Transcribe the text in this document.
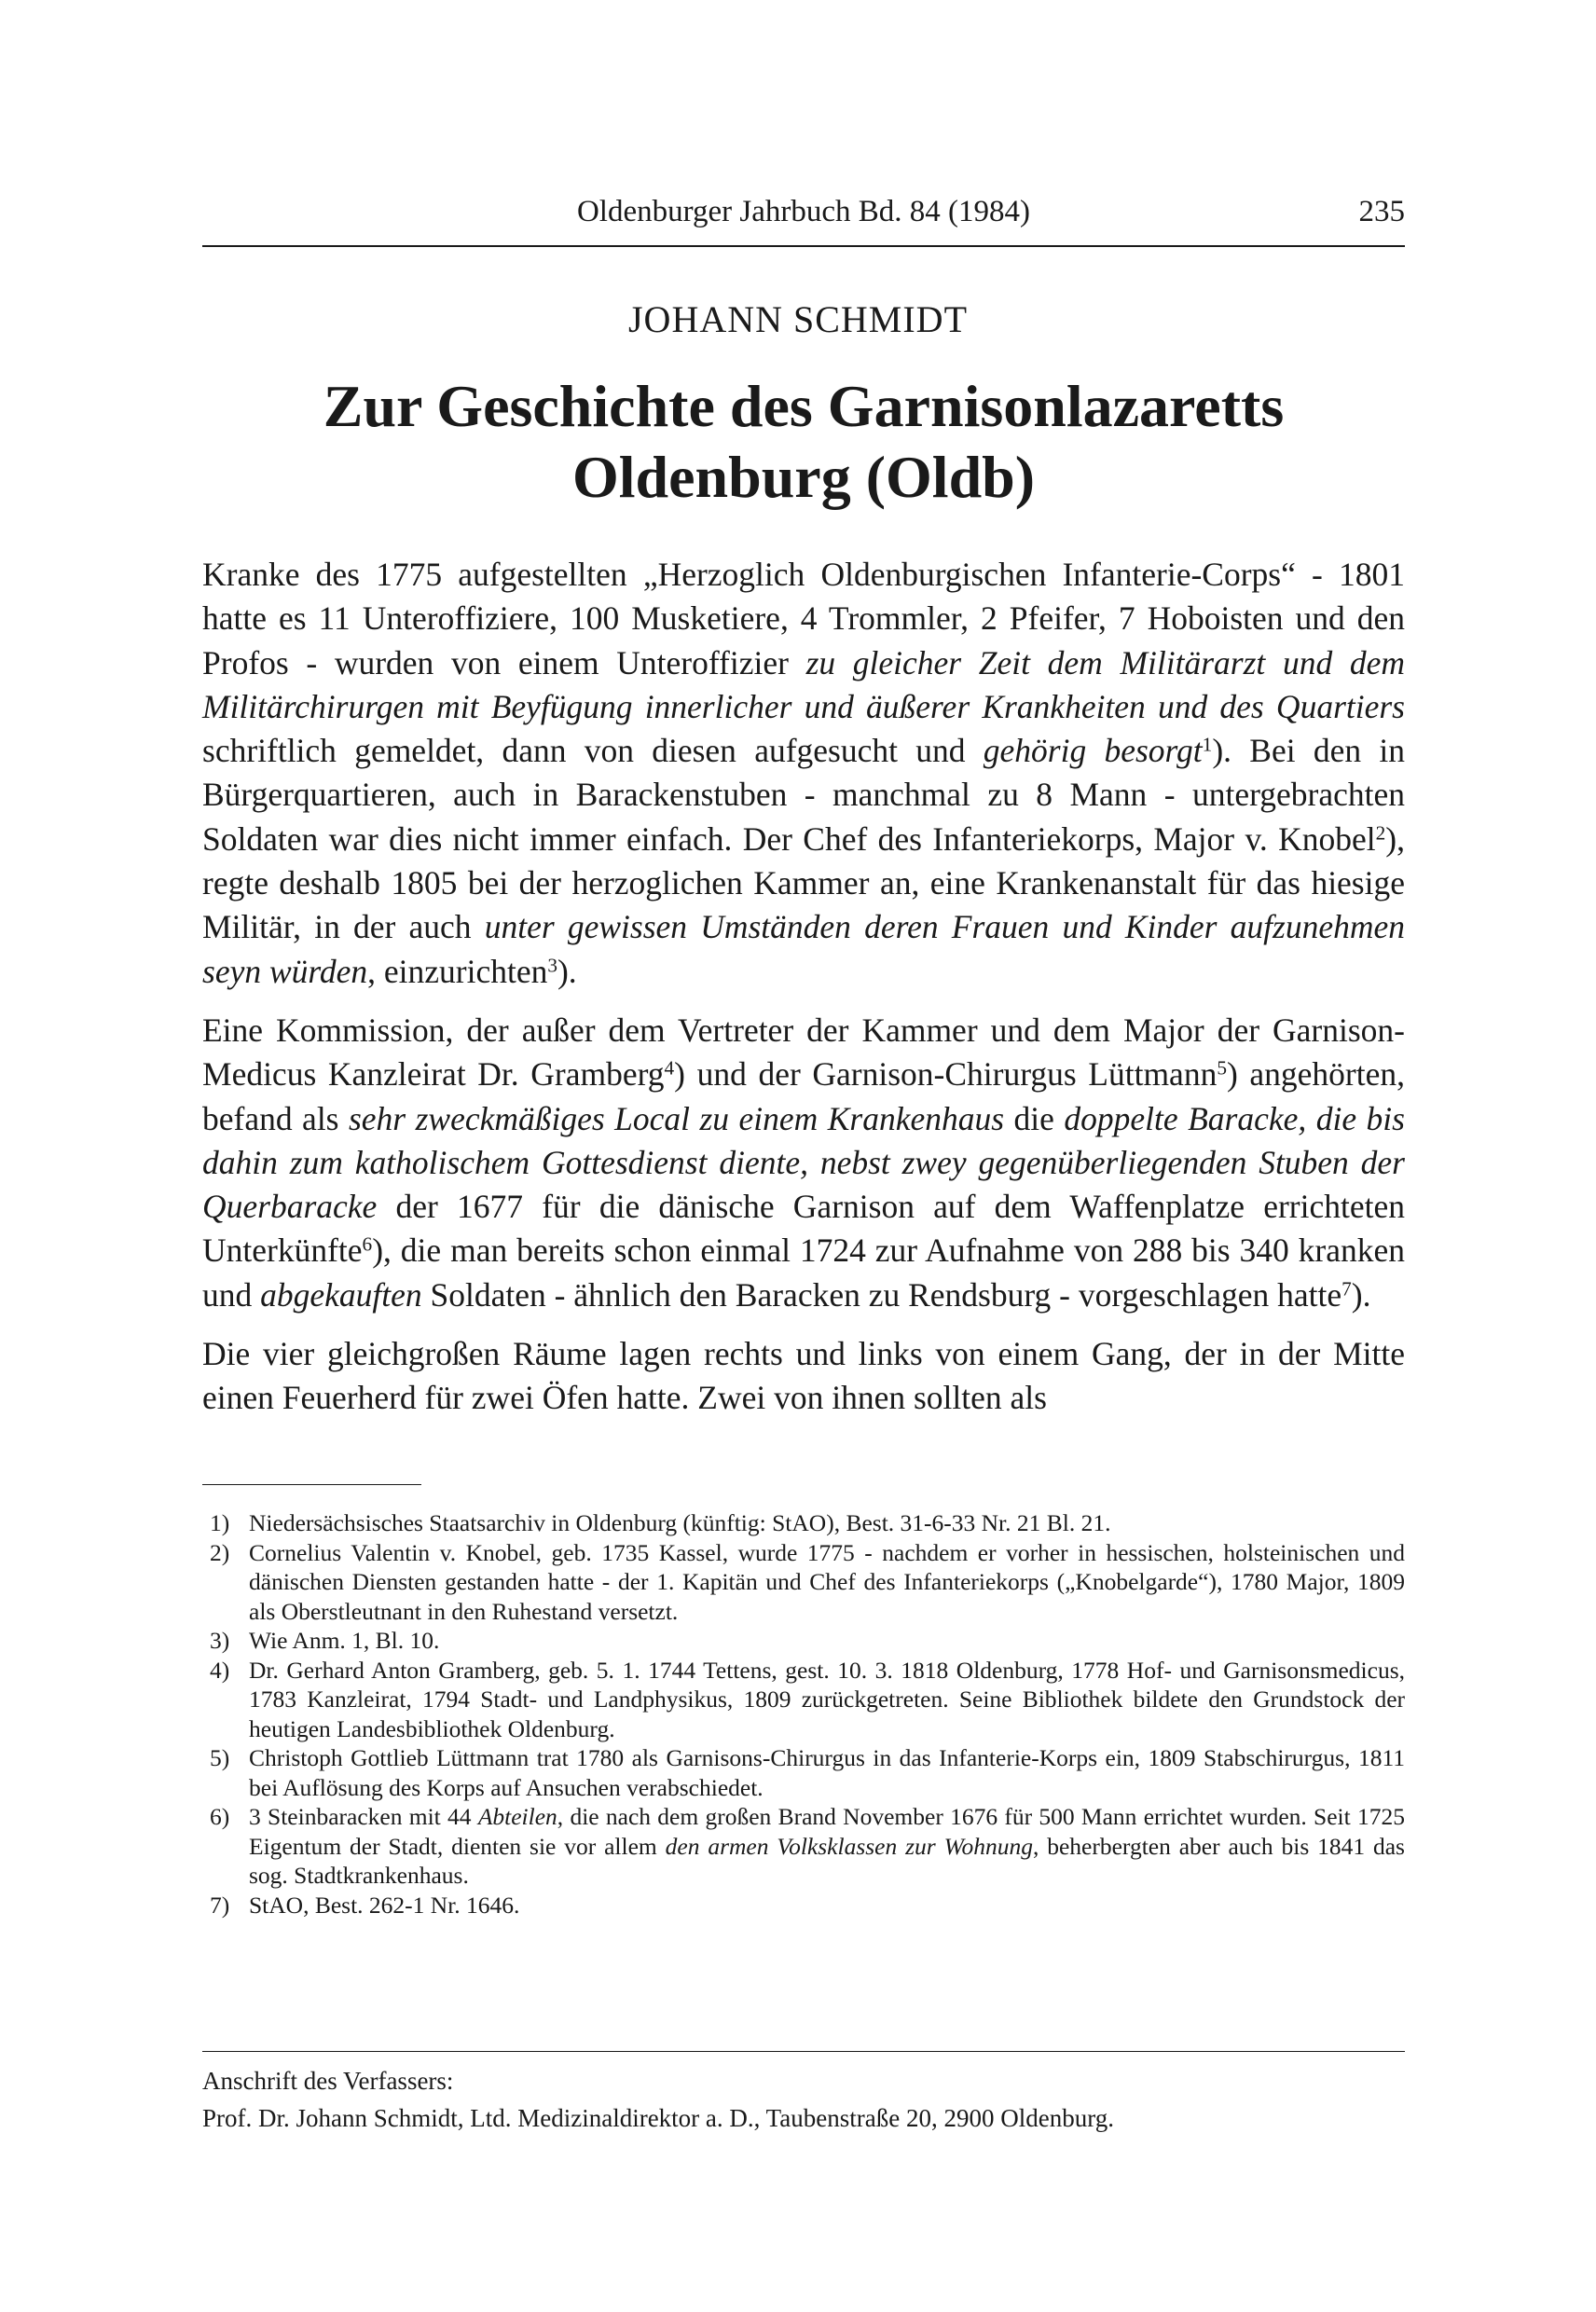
Oldenburger Jahrbuch Bd. 84 (1984)	235
JOHANN SCHMIDT
Zur Geschichte des Garnisonlazaretts
Oldenburg (Oldb)

Kranke des 1775 aufgestellten „Herzoglich Oldenburgischen Infanterie-Corps“ - 1801 hatte es 11 Unteroffiziere, 100 Musketiere, 4 Trommler, 2 Pfeifer, 7 Hoboisten und den Profos - wurden von einem Unteroffizier zu gleicher Zeit dem Militärarzt und dem Militärchirurgen mit Beyfügung innerlicher und äußerer Krankheiten und des Quartiers schriftlich gemeldet, dann von diesen aufgesucht und gehörig besorgt$^1$). Bei den in Bürgerquartieren, auch in Barackenstuben - manchmal zu 8 Mann - untergebrachten Soldaten war dies nicht immer einfach. Der Chef des Infanteriekorps, Major v. Knobel$^2$), regte deshalb 1805 bei der herzoglichen Kammer an, eine Krankenanstalt für das hiesige Militär, in der auch unter gewissen Umständen deren Frauen und Kinder aufzunehmen seyn würden, einzurichten$^3$).

Eine Kommission, der außer dem Vertreter der Kammer und dem Major der Garnison-Medicus Kanzleirat Dr. Gramberg$^4$) und der Garnison-Chirurgus Lüttmann$^5$) angehörten, befand als sehr zweckmäßiges Local zu einem Krankenhaus die doppelte Baracke, die bis dahin zum katholischem Gottesdienst diente, nebst zwey gegenüberliegenden Stuben der Querbaracke der 1677 für die dänische Garnison auf dem Waffenplatze errichteten Unterkünfte$^6$), die man bereits schon einmal 1724 zur Aufnahme von 288 bis 340 kranken und abgekauften Soldaten - ähnlich den Baracken zu Rendsburg - vorgeschlagen hatte$^7$).

Die vier gleichgroßen Räume lagen rechts und links von einem Gang, der in der Mitte einen Feuerherd für zwei Öfen hatte. Zwei von ihnen sollten als

1) Niedersächsisches Staatsarchiv in Oldenburg (künftig: StAO), Best. 31-6-33 Nr. 21 Bl. 21.
2) Cornelius Valentin v. Knobel, geb. 1735 Kassel, wurde 1775 - nachdem er vorher in hessischen, holsteinischen und dänischen Diensten gestanden hatte - der 1. Kapitän und Chef des Infanteriekorps („Knobelgarde“), 1780 Major, 1809 als Oberstleutnant in den Ruhestand versetzt.
3) Wie Anm. 1, Bl. 10.
4) Dr. Gerhard Anton Gramberg, geb. 5. 1. 1744 Tettens, gest. 10. 3. 1818 Oldenburg, 1778 Hof- und Garnisonsmedicus, 1783 Kanzleirat, 1794 Stadt- und Landphysikus, 1809 zurückgetreten. Seine Bibliothek bildete den Grundstock der heutigen Landesbibliothek Oldenburg.
5) Christoph Gottlieb Lüttmann trat 1780 als Garnisons-Chirurgus in das Infanterie-Korps ein, 1809 Stabschirurgus, 1811 bei Auflösung des Korps auf Ansuchen verabschiedet.
6) 3 Steinbaracken mit 44 Abteilen, die nach dem großen Brand November 1676 für 500 Mann errichtet wurden. Seit 1725 Eigentum der Stadt, dienten sie vor allem den armen Volksklassen zur Wohnung, beherbergten aber auch bis 1841 das sog. Stadtkrankenhaus.
7) StAO, Best. 262-1 Nr. 1646.
Anschrift des Verfassers:
Prof. Dr. Johann Schmidt, Ltd. Medizinaldirektor a. D., Taubenstraße 20, 2900 Oldenburg.
